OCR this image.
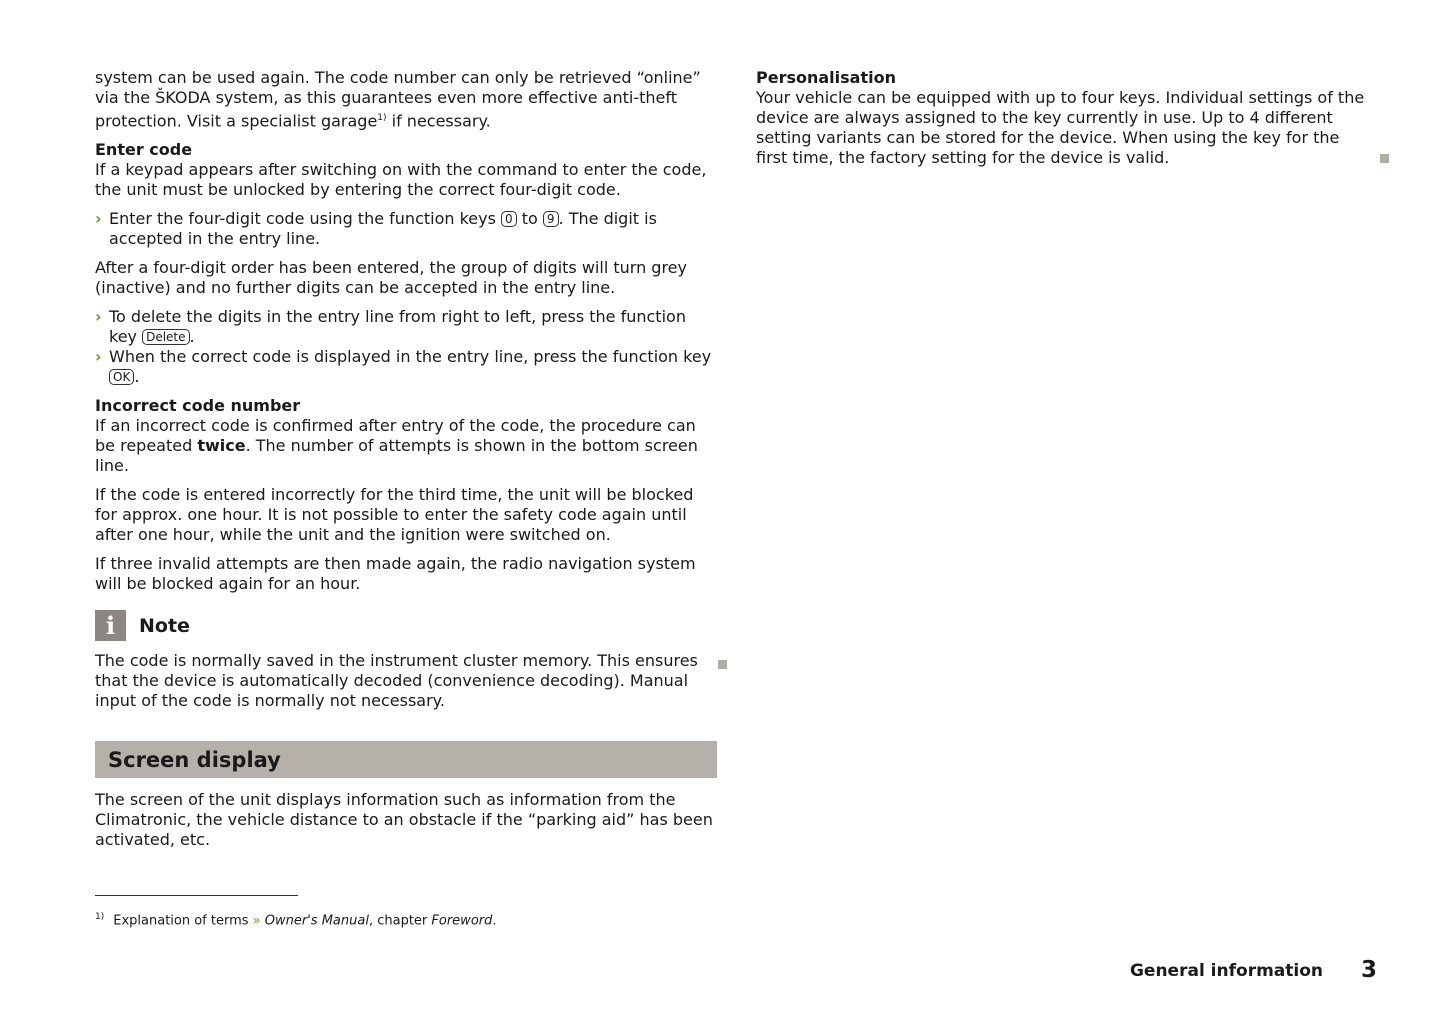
system can be used again. The code number can only be retrieved “online” via the ŠKODA system, as this guarantees even more effective anti-theft protection. Visit a specialist garage$^{1)}$ if necessary.

Enter code

If a keypad appears after switching on with the command to enter the code, the unit must be unlocked by entering the correct four-digit code.

› Enter the four-digit code using the function keys 0 to 9 . The digit is accepted in the entry line.

After a four-digit order has been entered, the group of digits will turn grey (inactive) and no further digits can be accepted in the entry line.

› To delete the digits in the entry line from right to left, press the function key Delete .
› When the correct code is displayed in the entry line, press the function key OK .
Incorrect code number

If an incorrect code is confirmed after entry of the code, the procedure can be repeated twice. The number of attempts is shown in the bottom screen line.

If the code is entered incorrectly for the third time, the unit will be blocked for approx. one hour. It is not possible to enter the safety code again until after one hour, while the unit and the ignition were switched on.

If three invalid attempts are then made again, the radio navigation system will be blocked again for an hour.

i	Note

The code is normally saved in the instrument cluster memory. This ensures that the device is automatically decoded (convenience decoding). Manual input of the code is normally not necessary.

Screen display

The screen of the unit displays information such as information from the Climatronic, the vehicle distance to an obstacle if the “parking aid” has been activated, etc.

Personalisation

Your vehicle can be equipped with up to four keys. Individual settings of the device are always assigned to the key currently in use. Up to 4 different setting variants can be stored for the device. When using the key for the first time, the factory setting for the device is valid.

$^{1)}$ Explanation of terms » Owner's Manual, chapter Foreword.
General information 3
